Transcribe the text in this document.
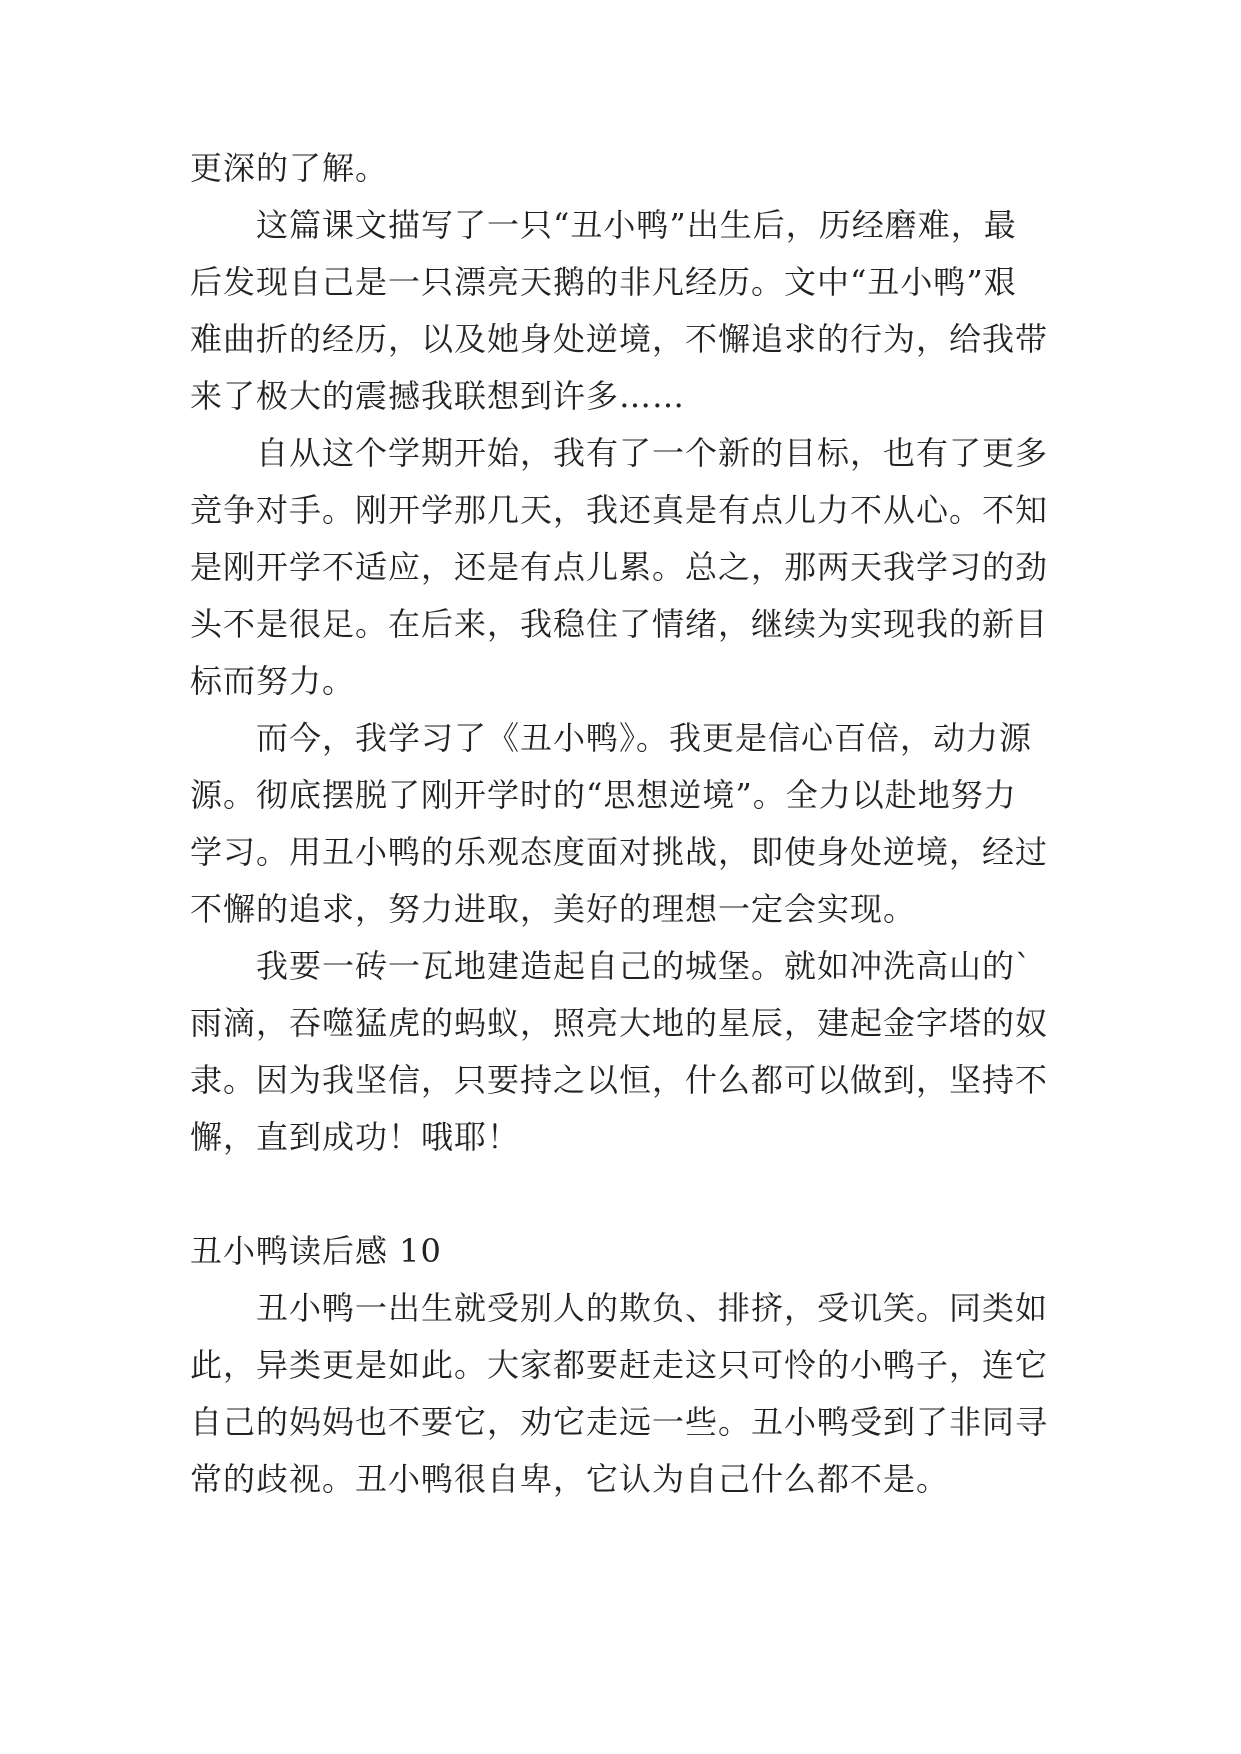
更深的了解。
这篇课文描写了一只“丑小鸭”出生后，历经磨难，最
后发现自己是一只漂亮天鹅的非凡经历。文中“丑小鸭”艰
难曲折的经历，以及她身处逆境，不懈追求的行为，给我带
来了极大的震撼我联想到许多……
自从这个学期开始，我有了一个新的目标，也有了更多
竞争对手。刚开学那几天，我还真是有点儿力不从心。不知
是刚开学不适应，还是有点儿累。总之，那两天我学习的劲
头不是很足。在后来，我稳住了情绪，继续为实现我的新目
标而努力。
而今，我学习了《丑小鸭》。我更是信心百倍，动力源
源。彻底摆脱了刚开学时的“思想逆境”。全力以赴地努力
学习。用丑小鸭的乐观态度面对挑战，即使身处逆境，经过
不懈的追求，努力进取，美好的理想一定会实现。
我要一砖一瓦地建造起自己的城堡。就如冲洗高山的`
雨滴，吞噬猛虎的蚂蚁，照亮大地的星辰，建起金字塔的奴
隶。因为我坚信，只要持之以恒，什么都可以做到，坚持不
懈，直到成功！哦耶！
丑小鸭读后感 10
丑小鸭一出生就受别人的欺负、排挤，受讥笑。同类如
此，异类更是如此。大家都要赶走这只可怜的小鸭子，连它
自己的妈妈也不要它，劝它走远一些。丑小鸭受到了非同寻
常的歧视。丑小鸭很自卑，它认为自己什么都不是。
